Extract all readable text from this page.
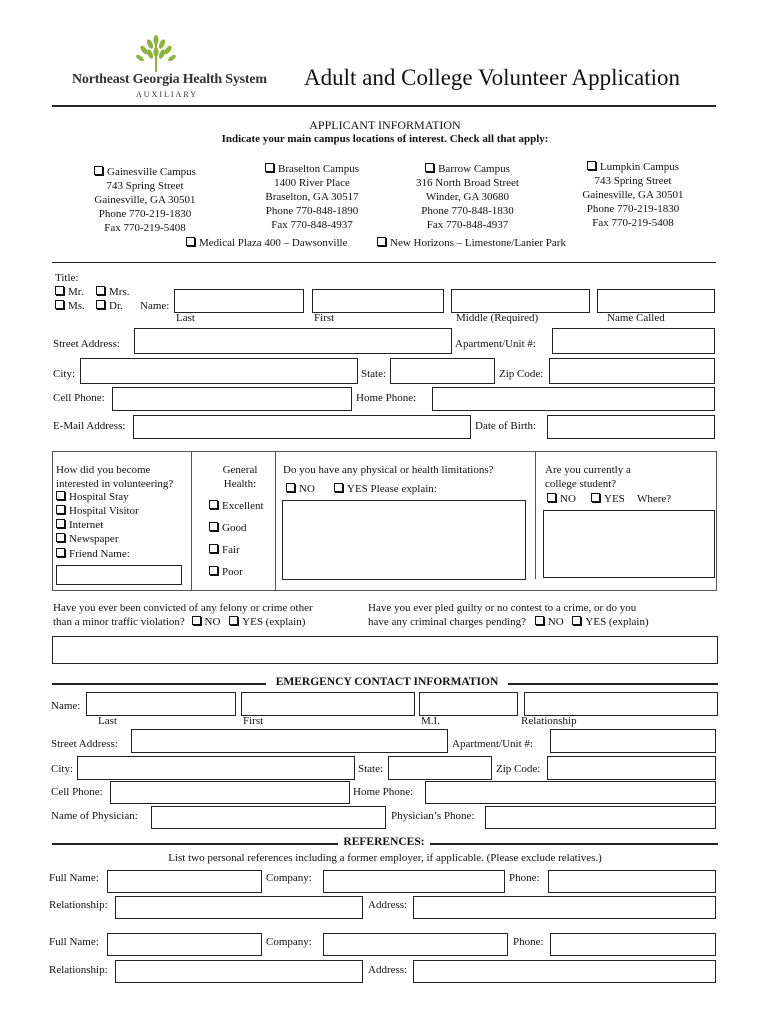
Northeast Georgia Health System
AUXILIARY
Adult and College Volunteer Application
APPLICANT INFORMATION
Indicate your main campus locations of interest. Check all that apply:
Gainesville Campus
743 Spring Street
Gainesville, GA 30501
Phone 770-219-1830
Fax 770-219-5408
Braselton Campus
1400 River Place
Braselton, GA 30517
Phone 770-848-1890
Fax 770-848-4937
Barrow Campus
316 North Broad Street
Winder, GA 30680
Phone 770-848-1830
Fax 770-848-4937
Lumpkin Campus
743 Spring Street
Gainesville, GA 30501
Phone 770-219-1830
Fax 770-219-5408
Medical Plaza 400 – Dawsonville	New Horizons – Limestone/Lanier Park
Title:
Mr.	Mrs.
Ms.	Dr. Name:
Last	First	Middle (Required)	Name Called
Street Address:	Apartment/Unit #:
City:	State:	Zip Code:
Cell Phone:	Home Phone:
E-Mail Address:	Date of Birth:
How did you become
interested in volunteering?
Hospital Stay
Hospital Visitor
Internet
Newspaper
Friend Name:
General
Health:
Excellent
Good
Fair
Poor
Do you have any physical or health limitations?
NO	YES Please explain:
Are you currently a
college student?
NO	YES Where?
Have you ever been convicted of any felony or crime other
than a minor traffic violation? NO YES (explain)
Have you ever pled guilty or no contest to a crime, or do you
have any criminal charges pending? NO YES (explain)
EMERGENCY CONTACT INFORMATION
Name:
Last	First	M.I.	Relationship
Street Address:	Apartment/Unit #:
City:	State:	Zip Code:
Cell Phone:	Home Phone:
Name of Physician:	Physician’s Phone:
REFERENCES:
List two personal references including a former employer, if applicable. (Please exclude relatives.)
Full Name:	Company:	Phone:
Relationship:	Address:
Full Name:	Company:	Phone:
Relationship:	Address:
